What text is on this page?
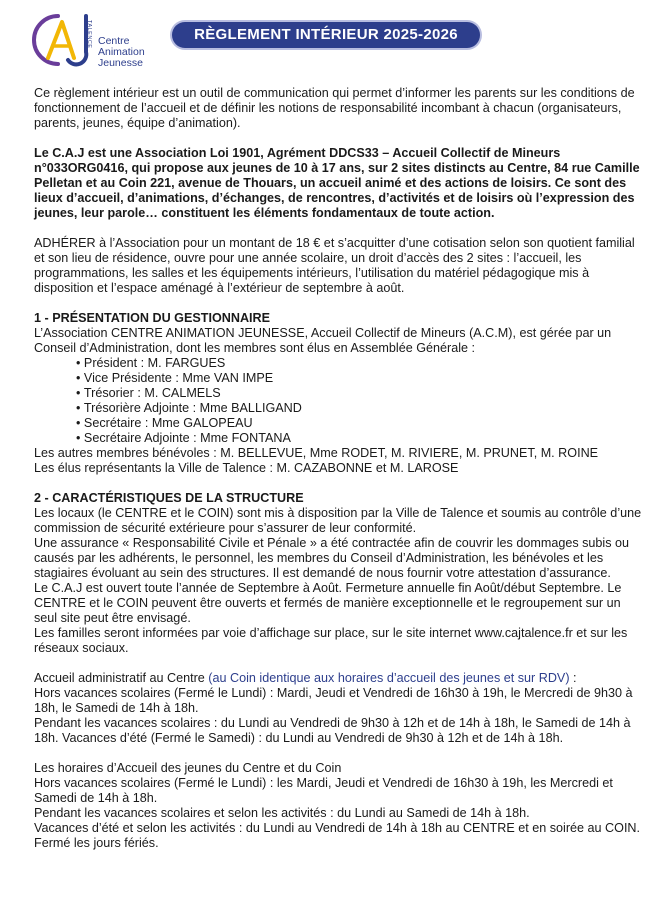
TALENCE Centre
Animation
Jeunesse
RÈGLEMENT INTÉRIEUR 2025-2026

Ce règlement intérieur est un outil de communication qui permet d’informer les parents sur les conditions de fonctionnement de l’accueil et de définir les notions de responsabilité incombant à chacun (organisateurs, parents, jeunes, équipe d’animation).

Le C.A.J est une Association Loi 1901, Agrément DDCS33 – Accueil Collectif de Mineurs n°033ORG0416, qui propose aux jeunes de 10 à 17 ans, sur 2 sites distincts au Centre, 84 rue Camille Pelletan et au Coin 221, avenue de Thouars, un accueil animé et des actions de loisirs. Ce sont des lieux d’accueil, d’animations, d’échanges, de rencontres, d’activités et de loisirs où l’expression des jeunes, leur parole… constituent les éléments fondamentaux de toute action.

ADHÉRER à l’Association pour un montant de 18 € et s’acquitter d’une cotisation selon son quotient familial et son lieu de résidence, ouvre pour une année scolaire, un droit d’accès des 2 sites : l’accueil, les programmations, les salles et les équipements intérieurs, l’utilisation du matériel pédagogique mis à disposition et l’espace aménagé à l’extérieur de septembre à août.

1 - PRÉSENTATION DU GESTIONNAIRE

L’Association CENTRE ANIMATION JEUNESSE, Accueil Collectif de Mineurs (A.C.M), est gérée par un Conseil d’Administration, dont les membres sont élus en Assemblée Générale :

• Président : M. FARGUES
• Vice Présidente : Mme VAN IMPE
• Trésorier : M. CALMELS
• Trésorière Adjointe : Mme BALLIGAND
• Secrétaire : Mme GALOPEAU
• Secrétaire Adjointe : Mme FONTANA

Les autres membres bénévoles : M. BELLEVUE, Mme RODET, M. RIVIERE, M. PRUNET, M. ROINE

Les élus représentants la Ville de Talence : M. CAZABONNE et M. LAROSE

2 - CARACTÉRISTIQUES DE LA STRUCTURE

Les locaux (le CENTRE et le COIN) sont mis à disposition par la Ville de Talence et soumis au contrôle d’une commission de sécurité extérieure pour s’assurer de leur conformité.

Une assurance « Responsabilité Civile et Pénale » a été contractée afin de couvrir les dommages subis ou causés par les adhérents, le personnel, les membres du Conseil d’Administration, les bénévoles et les stagiaires évoluant au sein des structures. Il est demandé de nous fournir votre attestation d’assurance.

Le C.A.J est ouvert toute l’année de Septembre à Août. Fermeture annuelle fin Août/début Septembre. Le CENTRE et le COIN peuvent être ouverts et fermés de manière exceptionnelle et le regroupement sur un seul site peut être envisagé.

Les familles seront informées par voie d’affichage sur place, sur le site internet www.cajtalence.fr et sur les réseaux sociaux.

Accueil administratif au Centre (au Coin identique aux horaires d’accueil des jeunes et sur RDV) :

Hors vacances scolaires (Fermé le Lundi) : Mardi, Jeudi et Vendredi de 16h30 à 19h, le Mercredi de 9h30 à 18h, le Samedi de 14h à 18h.

Pendant les vacances scolaires : du Lundi au Vendredi de 9h30 à 12h et de 14h à 18h, le Samedi de 14h à 18h. Vacances d’été (Fermé le Samedi) : du Lundi au Vendredi de 9h30 à 12h et de 14h à 18h.

Les horaires d’Accueil des jeunes du Centre et du Coin

Hors vacances scolaires (Fermé le Lundi) : les Mardi, Jeudi et Vendredi de 16h30 à 19h, les Mercredi et Samedi de 14h à 18h.

Pendant les vacances scolaires et selon les activités : du Lundi au Samedi de 14h à 18h.

Vacances d’été et selon les activités : du Lundi au Vendredi de 14h à 18h au CENTRE et en soirée au COIN. Fermé les jours fériés.
